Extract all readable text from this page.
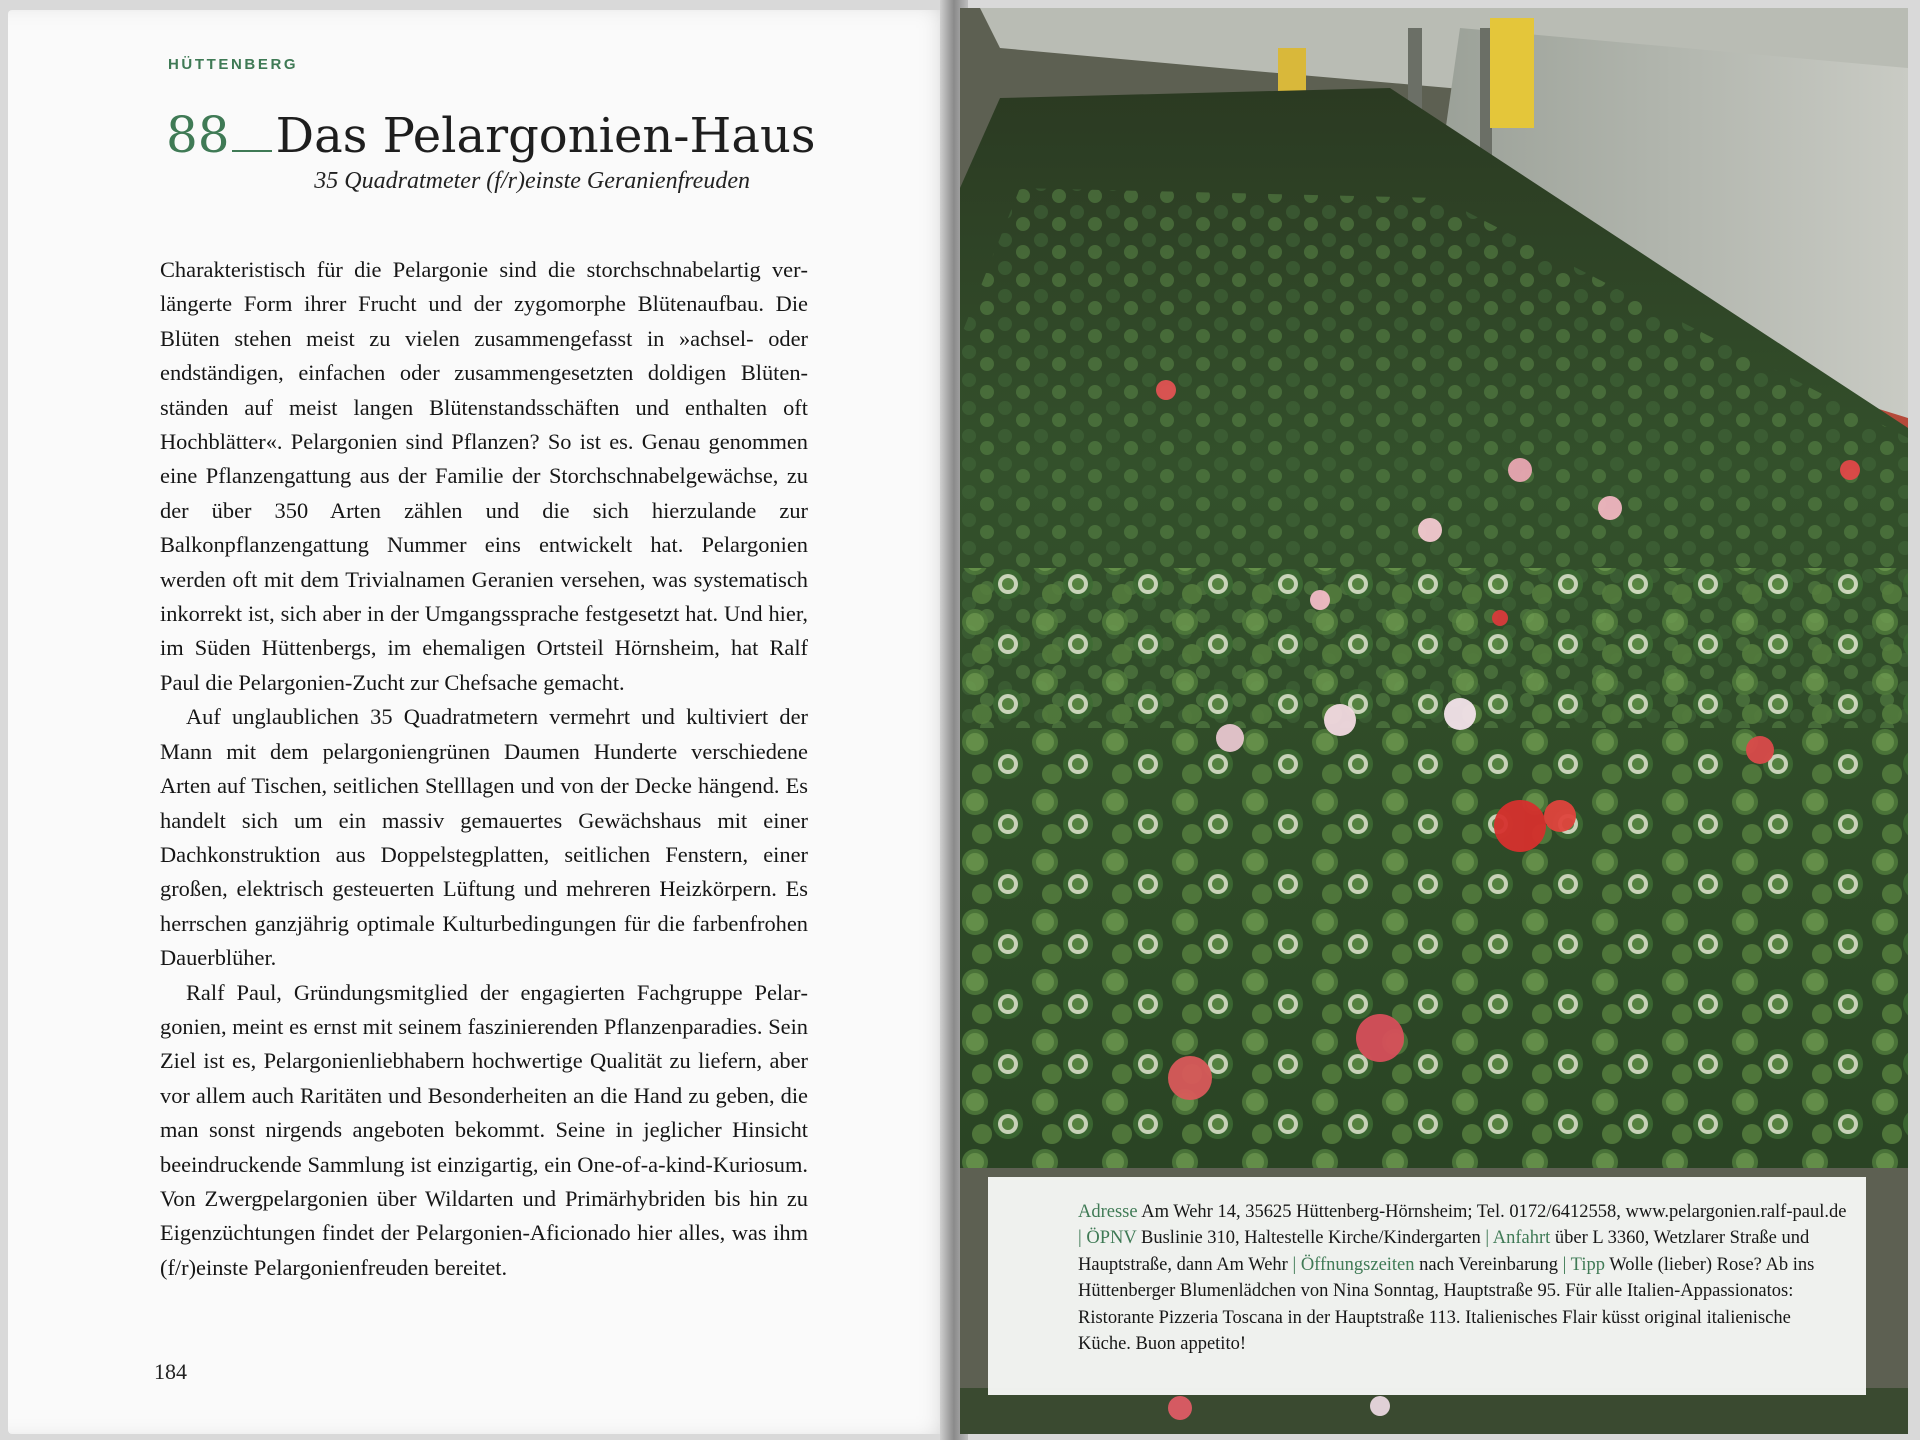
HÜTTENBERG
88 Das Pelargonien-Haus
35 Quadratmeter (f/r)einste Geranienfreuden

Charakteristisch für die Pelargonie sind die storchschnabelartig verlängerte Form ihrer Frucht und der zygomorphe Blütenaufbau. Die Blüten stehen meist zu vielen zusammengefasst in »achsel- oder endständigen, einfachen oder zusammengesetzten doldigen Blütenständen auf meist langen Blütenstandsschäften und enthalten oft Hochblätter«. Pelargonien sind Pflanzen? So ist es. Genau genommen eine Pflanzengattung aus der Familie der Storchschnabelgewächse, zu der über 350 Arten zählen und die sich hierzulande zur Balkonpflanzengattung Nummer eins entwickelt hat. Pelargonien werden oft mit dem Trivialnamen Geranien versehen, was systematisch inkorrekt ist, sich aber in der Umgangssprache festgesetzt hat. Und hier, im Süden Hüttenbergs, im ehemaligen Ortsteil Hörnsheim, hat Ralf Paul die Pelargonien-Zucht zur Chefsache gemacht.

Auf unglaublichen 35 Quadratmetern vermehrt und kultiviert der Mann mit dem pelargoniengrünen Daumen Hunderte verschiedene Arten auf Tischen, seitlichen Stelllagen und von der Decke hängend. Es handelt sich um ein massiv gemauertes Gewächshaus mit einer Dachkonstruktion aus Doppelstegplatten, seitlichen Fenstern, einer großen, elektrisch gesteuerten Lüftung und mehreren Heizkörpern. Es herrschen ganzjährig optimale Kulturbedingungen für die farbenfrohen Dauerblüher.

Ralf Paul, Gründungsmitglied der engagierten Fachgruppe Pelargonien, meint es ernst mit seinem faszinierenden Pflanzenparadies. Sein Ziel ist es, Pelargonienliebhabern hochwertige Qualität zu liefern, aber vor allem auch Raritäten und Besonderheiten an die Hand zu geben, die man sonst nirgends angeboten bekommt. Seine in jeglicher Hinsicht beeindruckende Sammlung ist einzigartig, ein One-of-a-kind-Kuriosum. Von Zwergpelargonien über Wildarten und Primärhybriden bis hin zu Eigenzüchtungen findet der Pelargonien-Aficionado hier alles, was ihm (f/r)einste Pelargonienfreuden bereitet.

184
Adresse Am Wehr 14, 35625 Hüttenberg-Hörnsheim; Tel. 0172/6412558, www.pelargonien.ralf-paul.de | ÖPNV Buslinie 310, Haltestelle Kirche/Kindergarten | Anfahrt über L 3360, Wetzlarer Straße und Hauptstraße, dann Am Wehr | Öffnungszeiten nach Vereinbarung | Tipp Wolle (lieber) Rose? Ab ins Hüttenberger Blumenlädchen von Nina Sonntag, Hauptstraße 95. Für alle Italien-Appassionatos: Ristorante Pizzeria Toscana in der Hauptstraße 113. Italienisches Flair küsst original italienische Küche. Buon appetito!
